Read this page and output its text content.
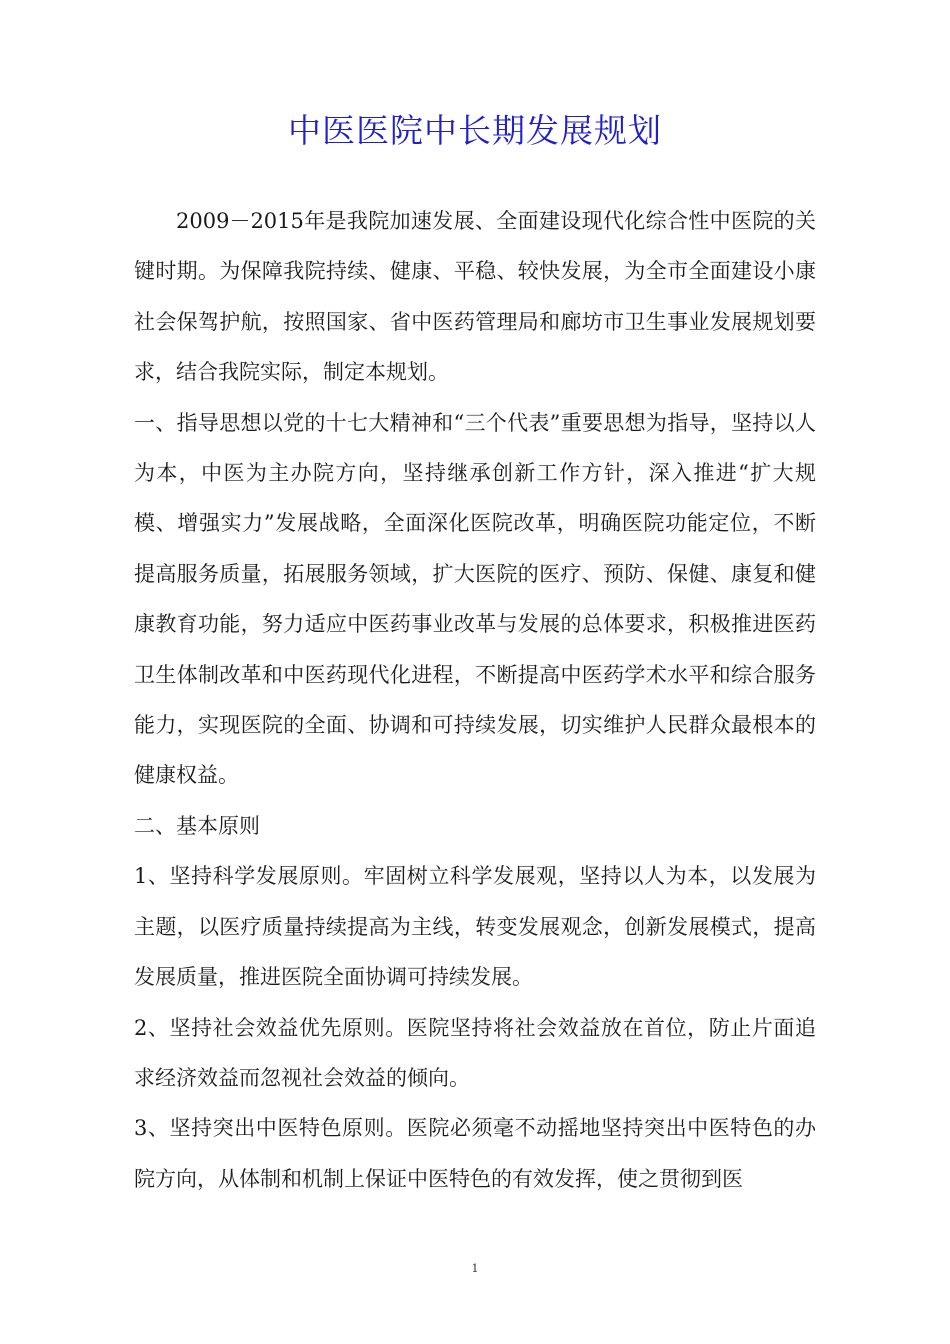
中医医院中长期发展规划

2009－2015年是我院加速发展、全面建设现代化综合性中医院的关键时期。为保障我院持续、健康、平稳、较快发展，为全市全面建设小康社会保驾护航，按照国家、省中医药管理局和廊坊市卫生事业发展规划要求，结合我院实际，制定本规划。

一、指导思想以党的十七大精神和“三个代表”重要思想为指导，坚持以人为本，中医为主办院方向，坚持继承创新工作方针，深入推进“扩大规模、增强实力”发展战略，全面深化医院改革，明确医院功能定位，不断提高服务质量，拓展服务领域，扩大医院的医疗、预防、保健、康复和健康教育功能，努力适应中医药事业改革与发展的总体要求，积极推进医药卫生体制改革和中医药现代化进程，不断提高中医药学术水平和综合服务能力，实现医院的全面、协调和可持续发展，切实维护人民群众最根本的健康权益。

二、基本原则

1、坚持科学发展原则。牢固树立科学发展观，坚持以人为本，以发展为主题，以医疗质量持续提高为主线，转变发展观念，创新发展模式，提高发展质量，推进医院全面协调可持续发展。

2、坚持社会效益优先原则。医院坚持将社会效益放在首位，防止片面追求经济效益而忽视社会效益的倾向。

3、坚持突出中医特色原则。医院必须毫不动摇地坚持突出中医特色的办院方向，从体制和机制上保证中医特色的有效发挥，使之贯彻到医

1
